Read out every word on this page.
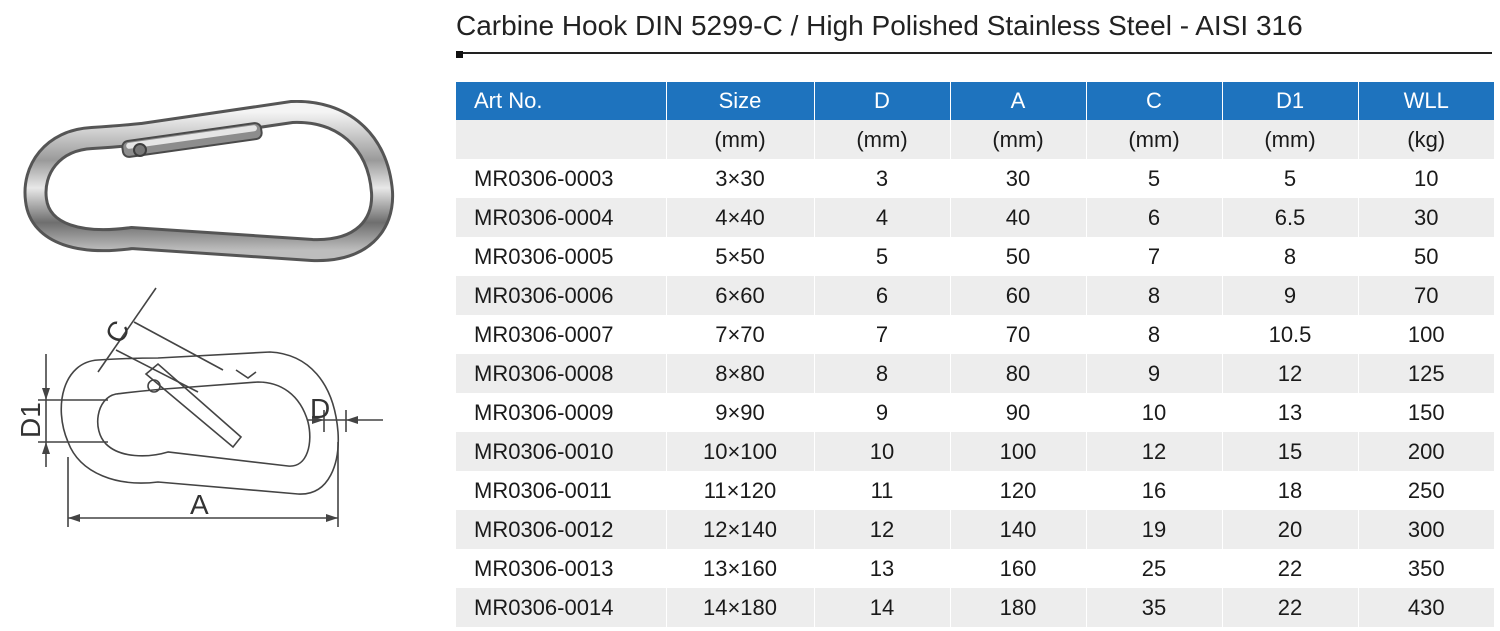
C
D1	D
A
Carbine Hook DIN 5299-C / High Polished Stainless Steel - AISI 316
Art No.	Size	D	A	C	D1	WLL
	(mm)	(mm)	(mm)	(mm)	(mm)	(kg)
MR0306-0003	3×30	3	30	5	5	10
MR0306-0004	4×40	4	40	6	6.5	30
MR0306-0005	5×50	5	50	7	8	50
MR0306-0006	6×60	6	60	8	9	70
MR0306-0007	7×70	7	70	8	10.5	100
MR0306-0008	8×80	8	80	9	12	125
MR0306-0009	9×90	9	90	10	13	150
MR0306-0010	10×100	10	100	12	15	200
MR0306-0011	11×120	11	120	16	18	250
MR0306-0012	12×140	12	140	19	20	300
MR0306-0013	13×160	13	160	25	22	350
MR0306-0014	14×180	14	180	35	22	430
